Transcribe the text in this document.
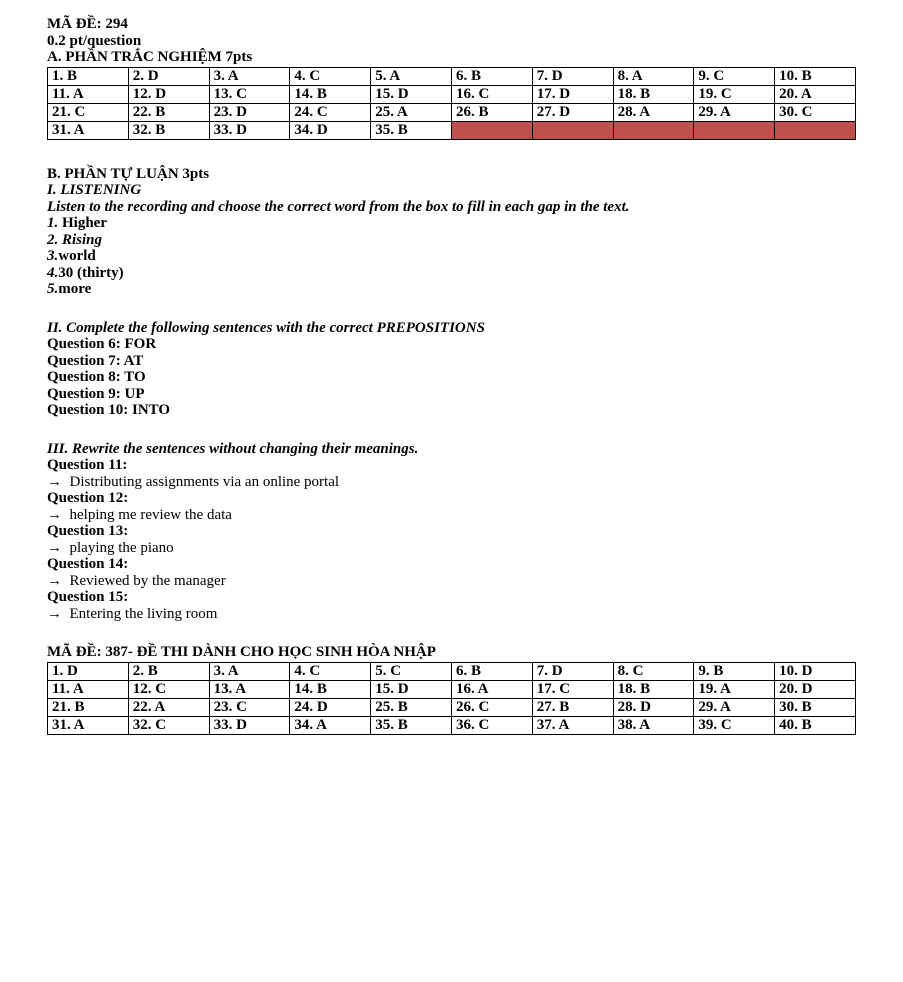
MÃ ĐỀ: 294
0.2 pt/question
A. PHẦN TRẮC NGHIỆM 7pts
1. B	2. D	3. A	4. C	5. A	6. B	7. D	8. A	9. C	10. B
11. A	12. D	13. C	14. B	15. D	16. C	17. D	18. B	19. C	20. A
21. C	22. B	23. D	24. C	25. A	26. B	27. D	28. A	29. A	30. C
31. A	32. B	33. D	34. D	35. B					
B. PHẦN TỰ LUẬN 3pts
I. LISTENING
Listen to the recording and choose the correct word from the box to fill in each gap in the text.
1. Higher
2. Rising
3.world
4.30 (thirty)
5.more
II. Complete the following sentences with the correct PREPOSITIONS
Question 6: FOR
Question 7: AT
Question 8: TO
Question 9: UP
Question 10: INTO
III. Rewrite the sentences without changing their meanings.
Question 11:
→ Distributing assignments via an online portal
Question 12:
→ helping me review the data
Question 13:
→ playing the piano
Question 14:
→ Reviewed by the manager
Question 15:
→ Entering the living room
MÃ ĐỀ: 387- ĐỀ THI DÀNH CHO HỌC SINH HÒA NHẬP
1. D	2. B	3. A	4. C	5. C	6. B	7. D	8. C	9. B	10. D
11. A	12. C	13. A	14. B	15. D	16. A	17. C	18. B	19. A	20. D
21. B	22. A	23. C	24. D	25. B	26. C	27. B	28. D	29. A	30. B
31. A	32. C	33. D	34. A	35. B	36. C	37. A	38. A	39. C	40. B
